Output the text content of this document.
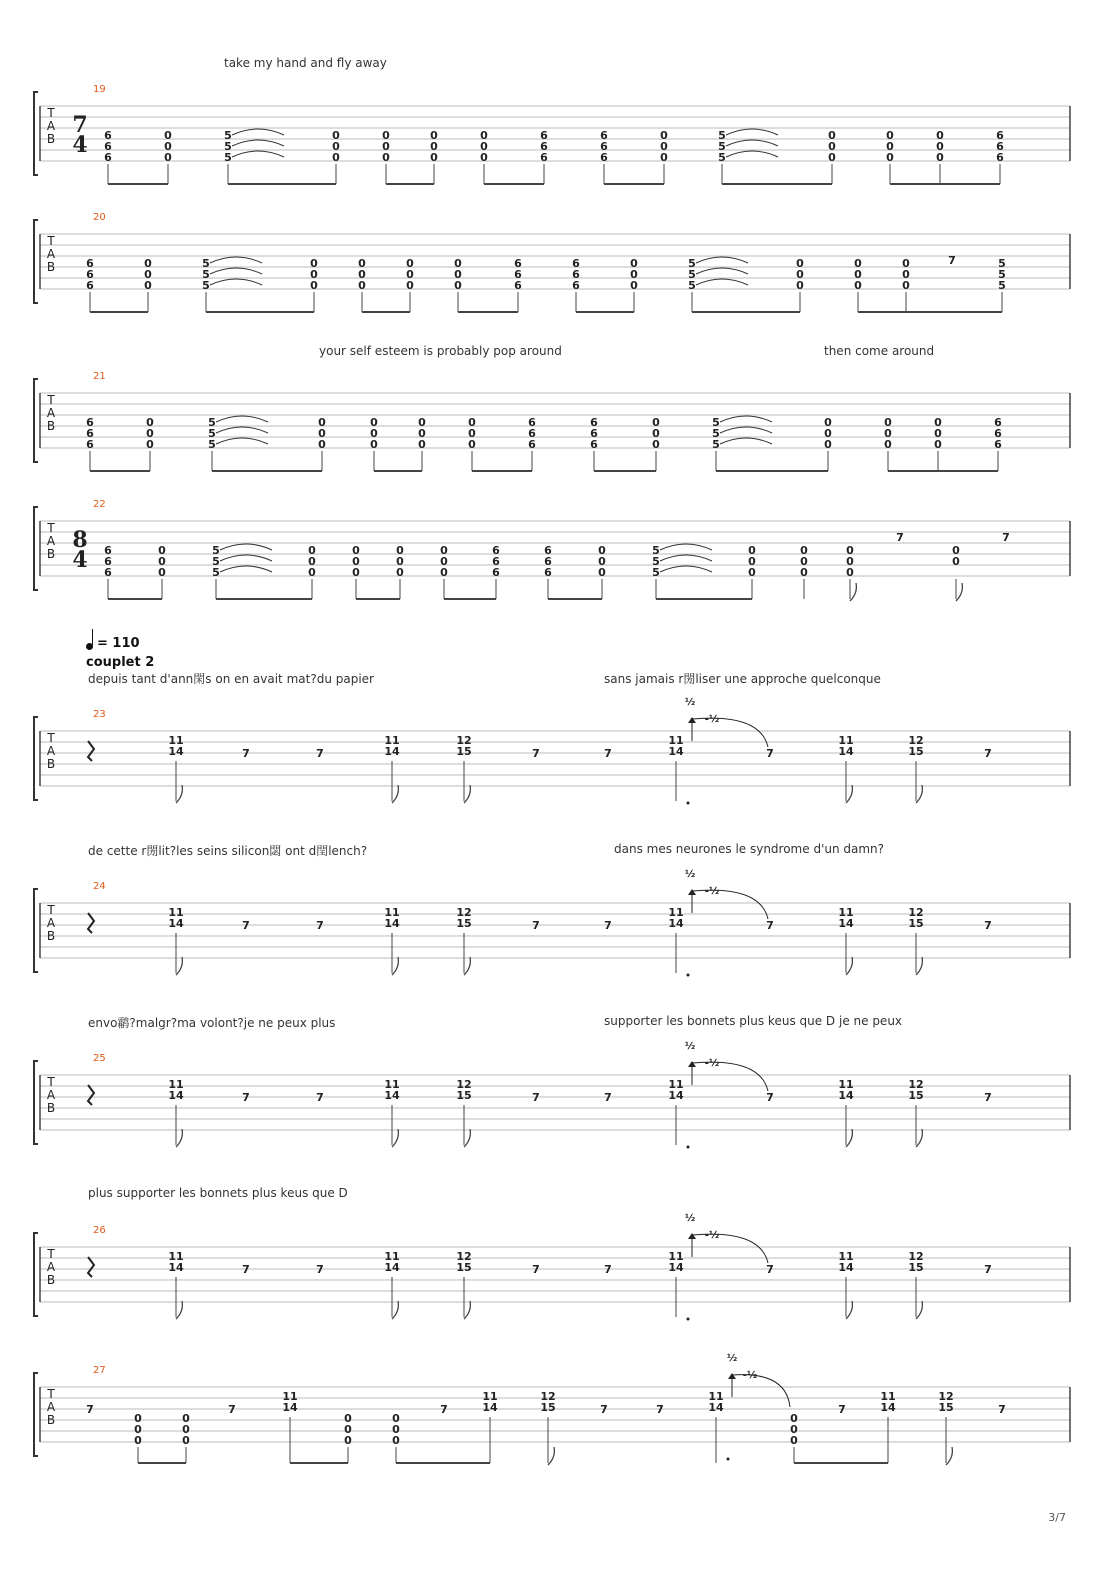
take my hand and fly away
your self esteem is probably pop around	then come around
depuis tant d'ann閑s on en avait mat?du papier	sans jamais r閍liser une approche quelconque
de cette r閍lit?les seins silicon閟 ont d閏lench?	dans mes neurones le syndrome d'un damn?
envo鹴?malgr?ma volont?je ne peux plus	supporter les bonnets plus keus que D je ne peux
plus supporter les bonnets plus keus que D
= 110
couplet 2
3/7
T
A
B
19
6
6
6
0
0
0
5
5
5
0
0
0
0
0
0
0
0
0
0
0
0
6
6
6
6
6
6
0
0
0
5
5
5
0
0
0
0
0
0
0
0
0
6
6
6
7
4
T
A
B
20
6
6
6
0
0
0
5
5
5
0
0
0
0
0
0
0
0
0
0
0
0
6
6
6
6
6
6
0
0
0
5
5
5
0
0
0
0
0
0
0
0
0
5
5
5
7
T
A
B
21
6
6
6
0
0
0
5
5
5
0
0
0
0
0
0
0
0
0
0
0
0
6
6
6
6
6
6
0
0
0
5
5
5
0
0
0
0
0
0
0
0
0
6
6
6
T
A
B
22
6
6
6
0
0
0
5
5
5
0
0
0
0
0
0
0
0
0
0
0
0
6
6
6
6
6
6
0
0
0
5
5
5
0
0
0
0
0
0
0
0
0
0
0
8
4
7	7
T
A
B
23
11
14
11
14
12
15
11
14
11
14
12
15
7	7	7	7	7	7
½
-½
T
A
B
24
11
14
11
14
12
15
11
14
11
14
12
15
7	7	7	7	7	7
½
-½
T
A
B
25
11
14
11
14
12
15
11
14
11
14
12
15
7	7	7	7	7	7
½
-½
T
A
B
26
11
14
11
14
12
15
11
14
11
14
12
15
7	7	7	7	7	7
½
-½
T
A
B
27
0
0
0
0
0
0
0
0
0
0
0
0
0
0
0
11
14
11
14
12
15
11
14
11
14
12
15
7	7	7	7	7	7	7
½
-½
